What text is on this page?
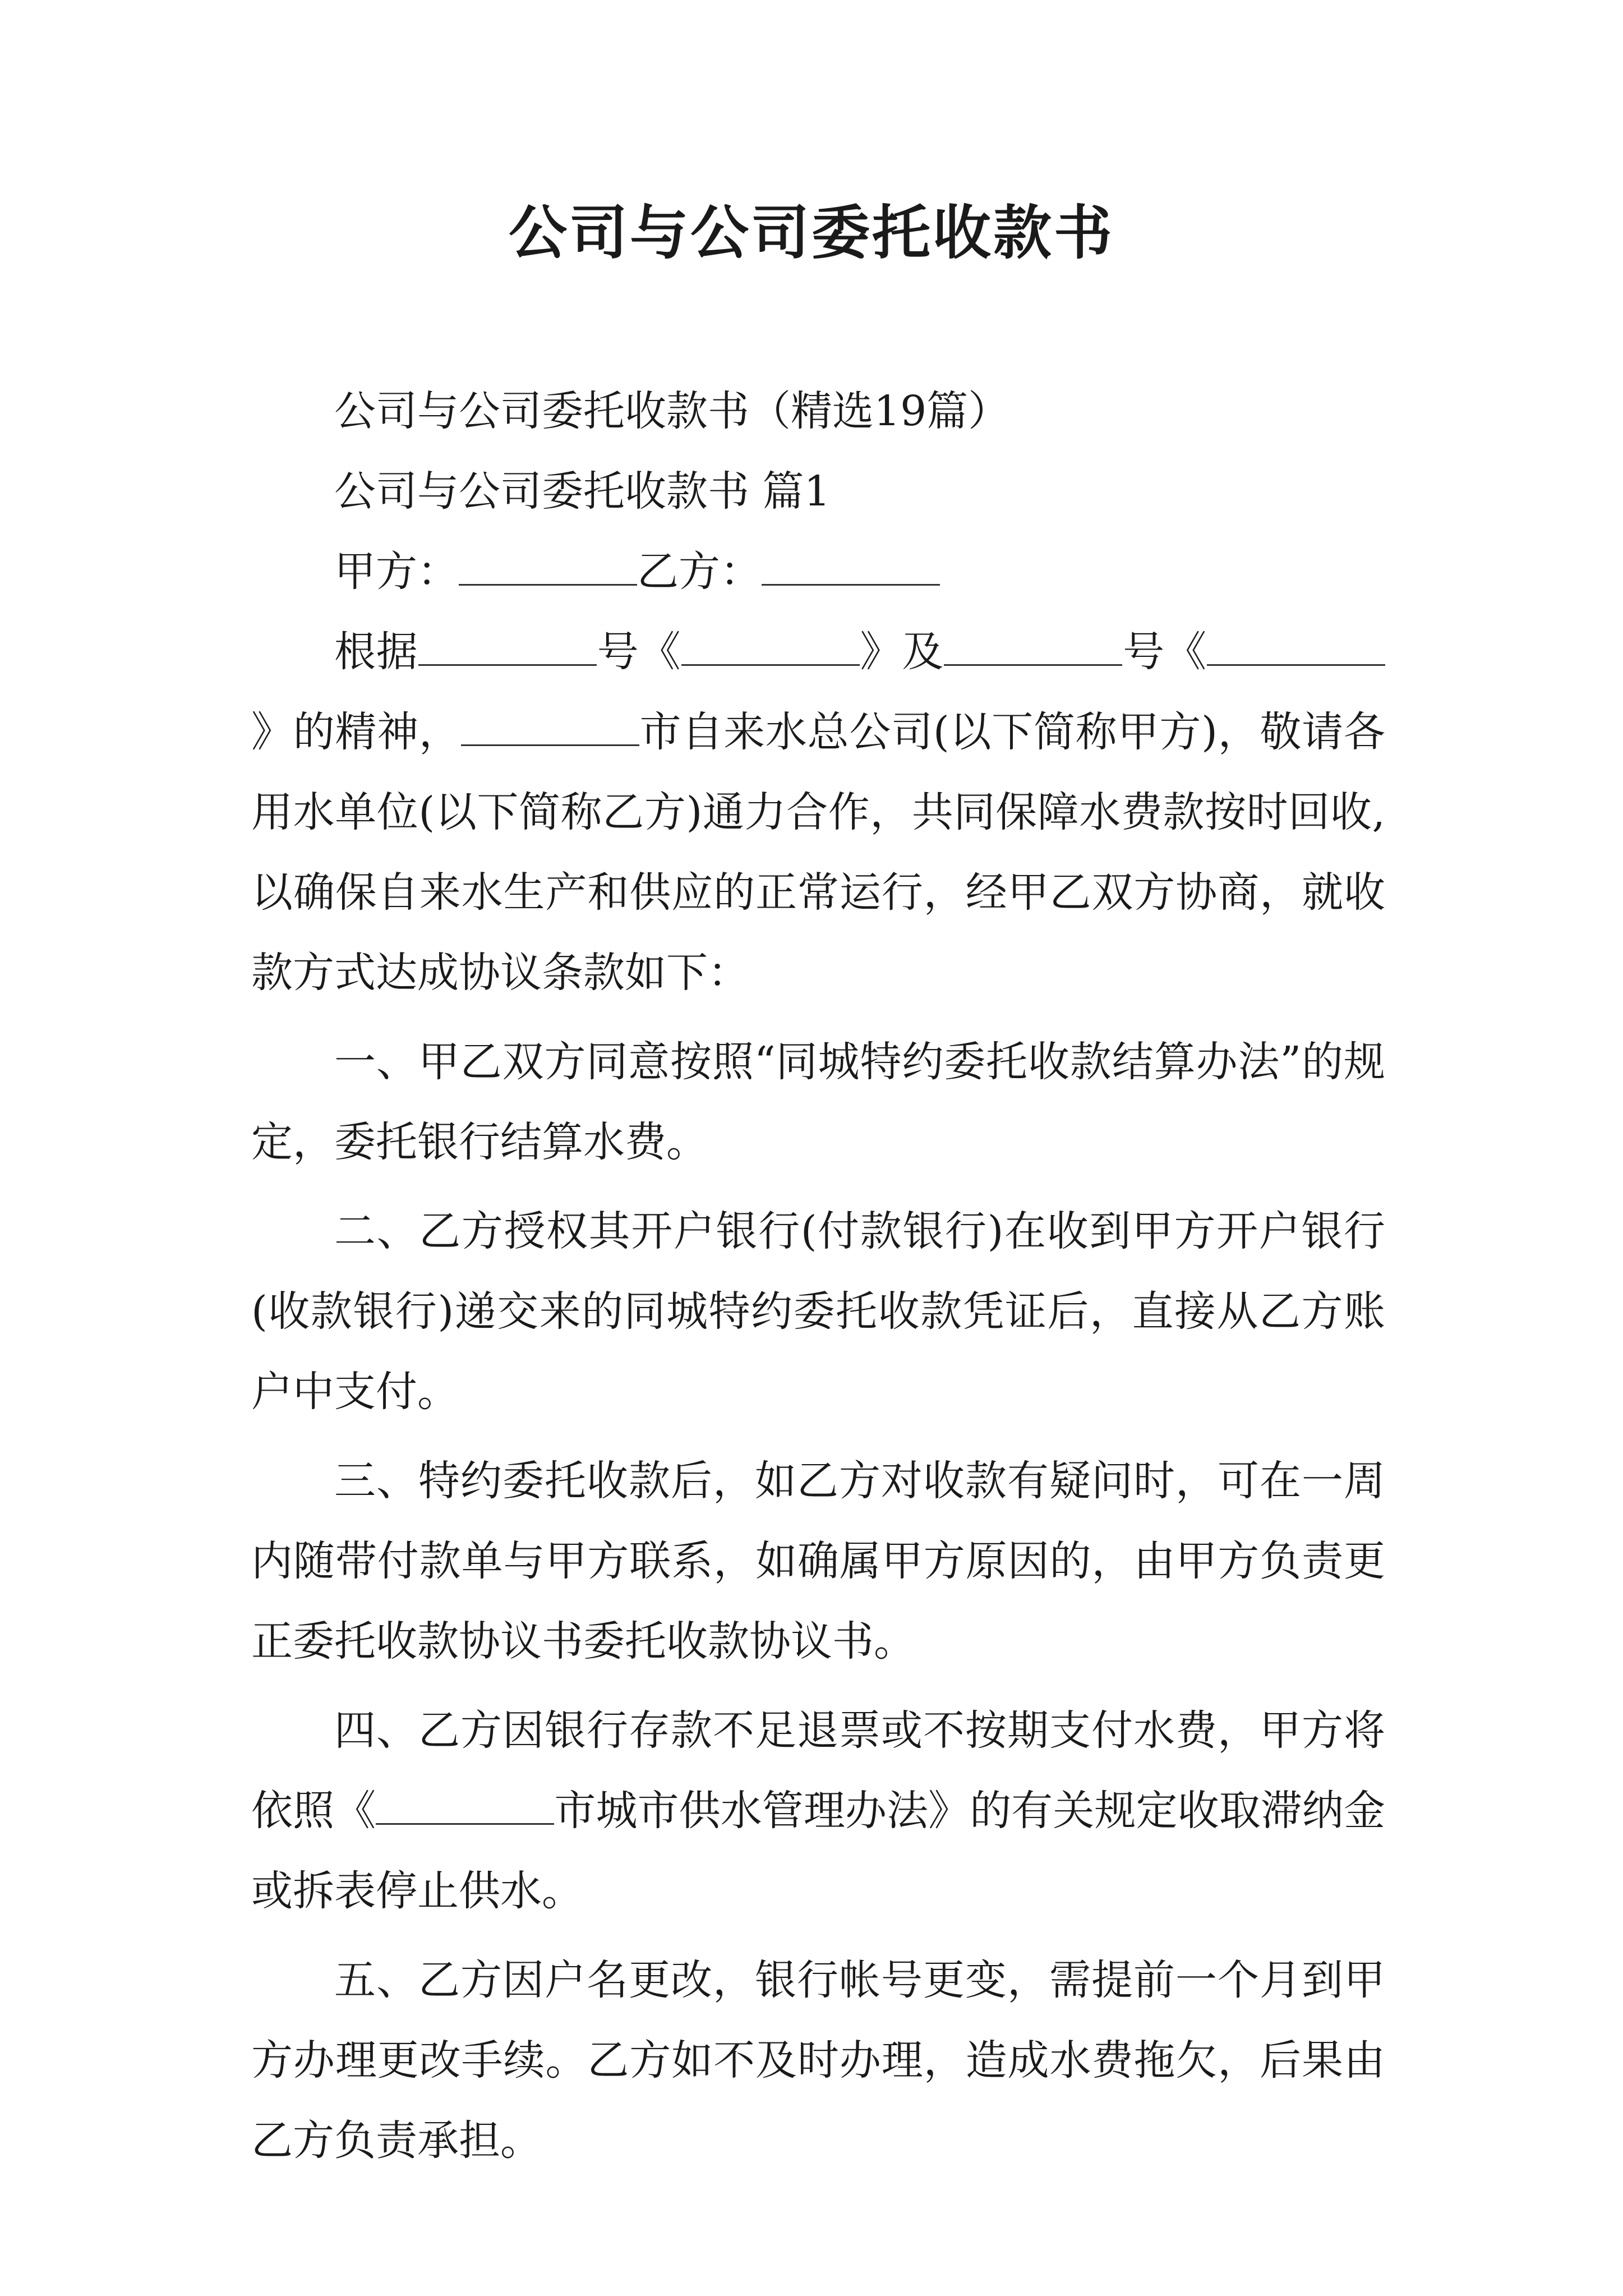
公司与公司委托收款书

公司与公司委托收款书（精选19篇）

公司与公司委托收款书 篇1

甲方：	乙方：

根据	号《	》及	号《》的精神，	市自来水总公司(以下简称甲方)，敬请各用水单位(以下简称乙方)通力合作，共同保障水费款按时回收,以确保自来水生产和供应的正常运行，经甲乙双方协商，就收款方式达成协议条款如下：

一、甲乙双方同意按照“同城特约委托收款结算办法”的规定，委托银行结算水费。

二、乙方授权其开户银行(付款银行)在收到甲方开户银行(收款银行)递交来的同城特约委托收款凭证后，直接从乙方账户中支付。

三、特约委托收款后，如乙方对收款有疑问时，可在一周内随带付款单与甲方联系，如确属甲方原因的，由甲方负责更正委托收款协议书委托收款协议书。

四、乙方因银行存款不足退票或不按期支付水费，甲方将依照《	市城市供水管理办法》的有关规定收取滞纳金或拆表停止供水。

五、乙方因户名更改，银行帐号更变，需提前一个月到甲方办理更改手续。乙方如不及时办理，造成水费拖欠，后果由乙方负责承担。
